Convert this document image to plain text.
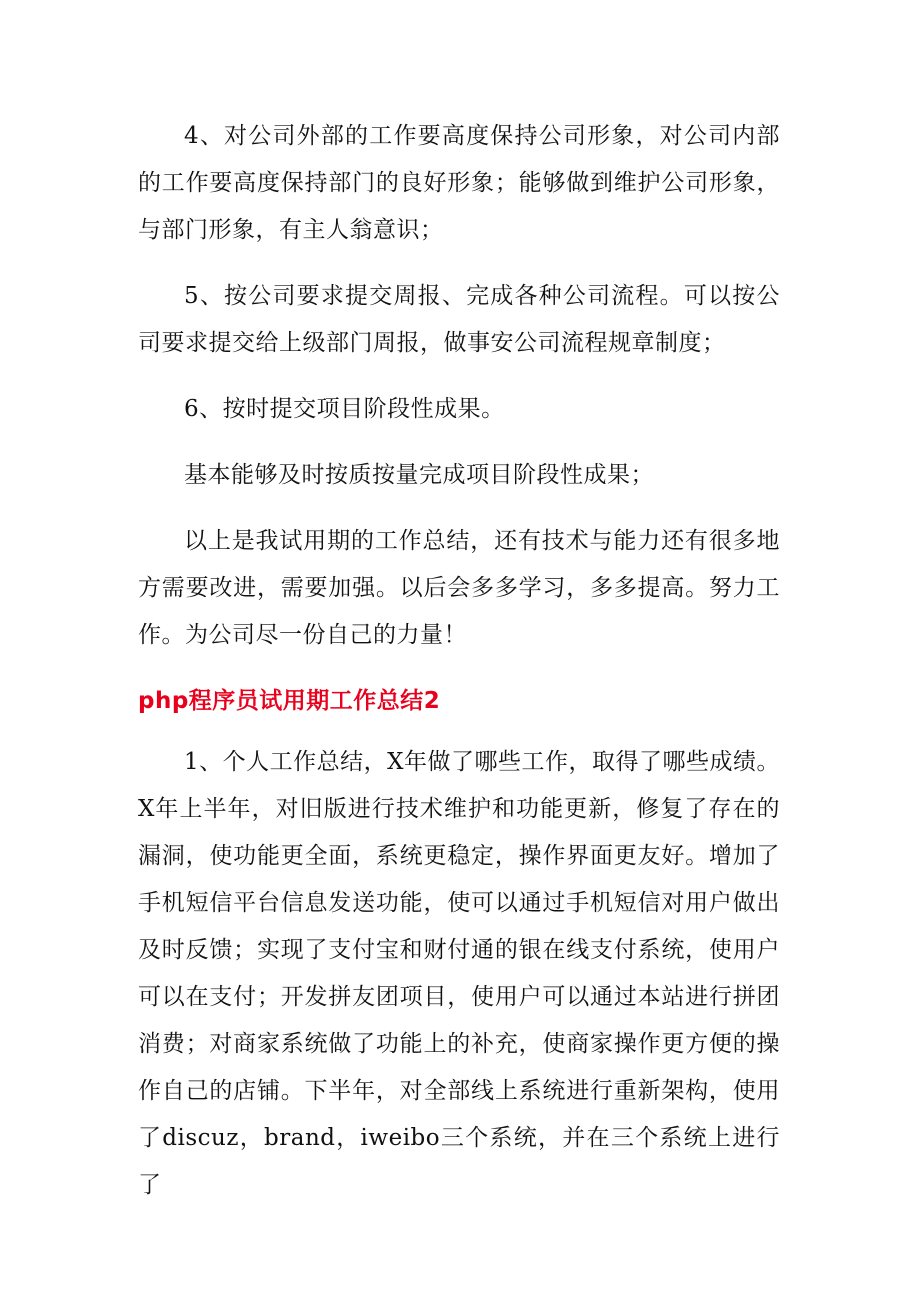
4、对公司外部的工作要高度保持公司形象，对公司内部的工作要高度保持部门的良好形象；能够做到维护公司形象，与部门形象，有主人翁意识；

5、按公司要求提交周报、完成各种公司流程。可以按公司要求提交给上级部门周报，做事安公司流程规章制度；

6、按时提交项目阶段性成果。

基本能够及时按质按量完成项目阶段性成果；

以上是我试用期的工作总结，还有技术与能力还有很多地方需要改进，需要加强。以后会多多学习，多多提高。努力工作。为公司尽一份自己的力量！

php程序员试用期工作总结2

1、个人工作总结，X年做了哪些工作，取得了哪些成绩。X年上半年，对旧版进行技术维护和功能更新，修复了存在的漏洞，使功能更全面，系统更稳定，操作界面更友好。增加了手机短信平台信息发送功能，使可以通过手机短信对用户做出及时反馈；实现了支付宝和财付通的银在线支付系统，使用户可以在支付；开发拼友团项目，使用户可以通过本站进行拼团消费；对商家系统做了功能上的补充，使商家操作更方便的操作自己的店铺。下半年，对全部线上系统进行重新架构，使用了discuz，brand，iweibo三个系统，并在三个系统上进行了
